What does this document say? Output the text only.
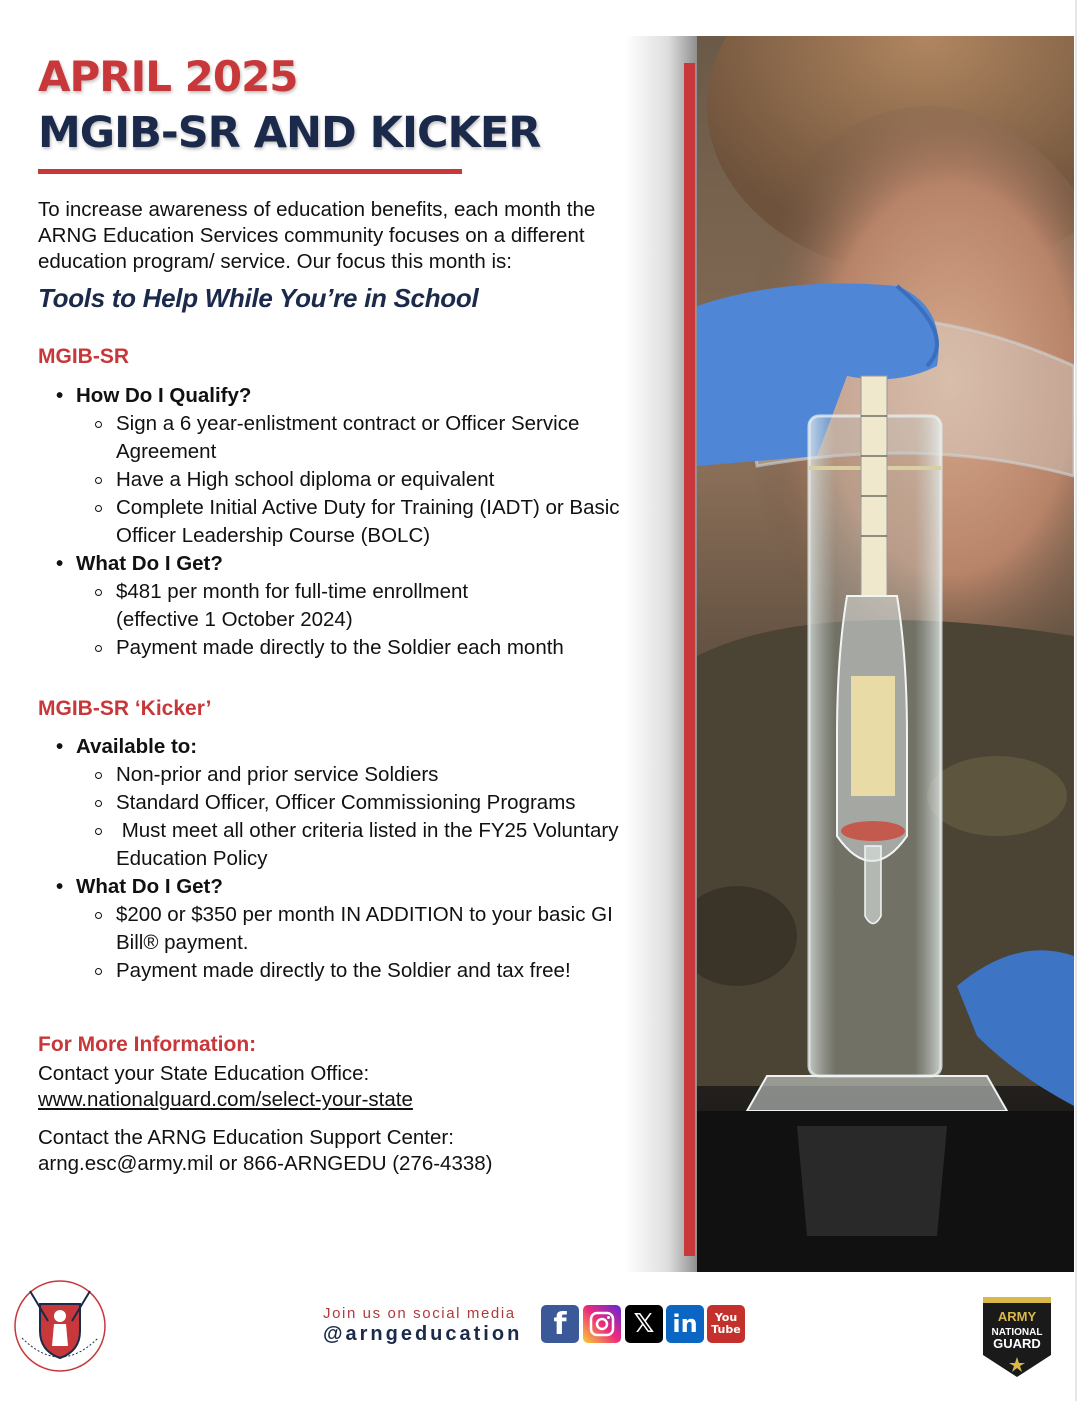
APRIL 2025
MGIB-SR AND KICKER
To increase awareness of education benefits, each month the ARNG Education Services community focuses on a different education program/ service. Our focus this month is:
Tools to Help While You’re in School
MGIB-SR
• How Do I Qualify?
Sign a 6 year-enlistment contract or Officer Service Agreement
Have a High school diploma or equivalent
Complete Initial Active Duty for Training (IADT) or Basic Officer Leadership Course (BOLC)
• What Do I Get?
$481 per month for full-time enrollment
(effective 1 October 2024)
Payment made directly to the Soldier each month
MGIB-SR ‘Kicker’
• Available to:
Non-prior and prior service Soldiers
Standard Officer, Officer Commissioning Programs
Must meet all other criteria listed in the FY25 Voluntary Education Policy
• What Do I Get?
$200 or $350 per month IN ADDITION to your basic GI Bill® payment.
Payment made directly to the Soldier and tax free!
For More Information:
Contact your State Education Office:
www.nationalguard.com/select-your-state
Contact the ARNG Education Support Center:
arng.esc@army.mil or 866-ARNGEDU (276-4338)
Join us on social media
@arngeducation	f	𝕏 in	You
Tube
ARMY
NATIONAL
GUARD
